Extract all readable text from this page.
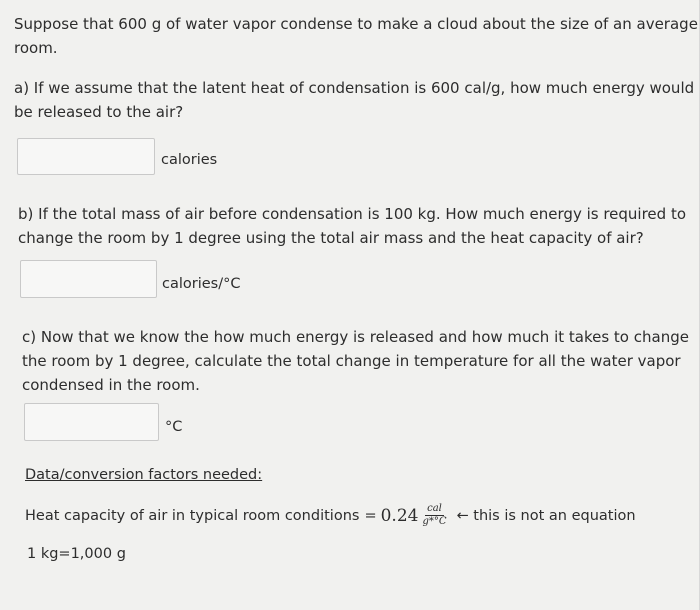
Suppose that 600 g of water vapor condense to make a cloud about the size of an average
room.

a) If we assume that the latent heat of condensation is 600 cal/g, how much energy would
be released to the air?

calories

b) If the total mass of air before condensation is 100 kg. How much energy is required to
change the room by 1 degree using the total air mass and the heat capacity of air?

calories/°C

c) Now that we know the how much energy is released and how much it takes to change
the room by 1 degree, calculate the total change in temperature for all the water vapor
condensed in the room.

°C
Data/conversion factors needed:
Heat capacity of air in typical room conditions = $0.24 \frac{\text{cal}}{g*^\circ C}$ ← this is not an equation
1 kg=1,000 g
